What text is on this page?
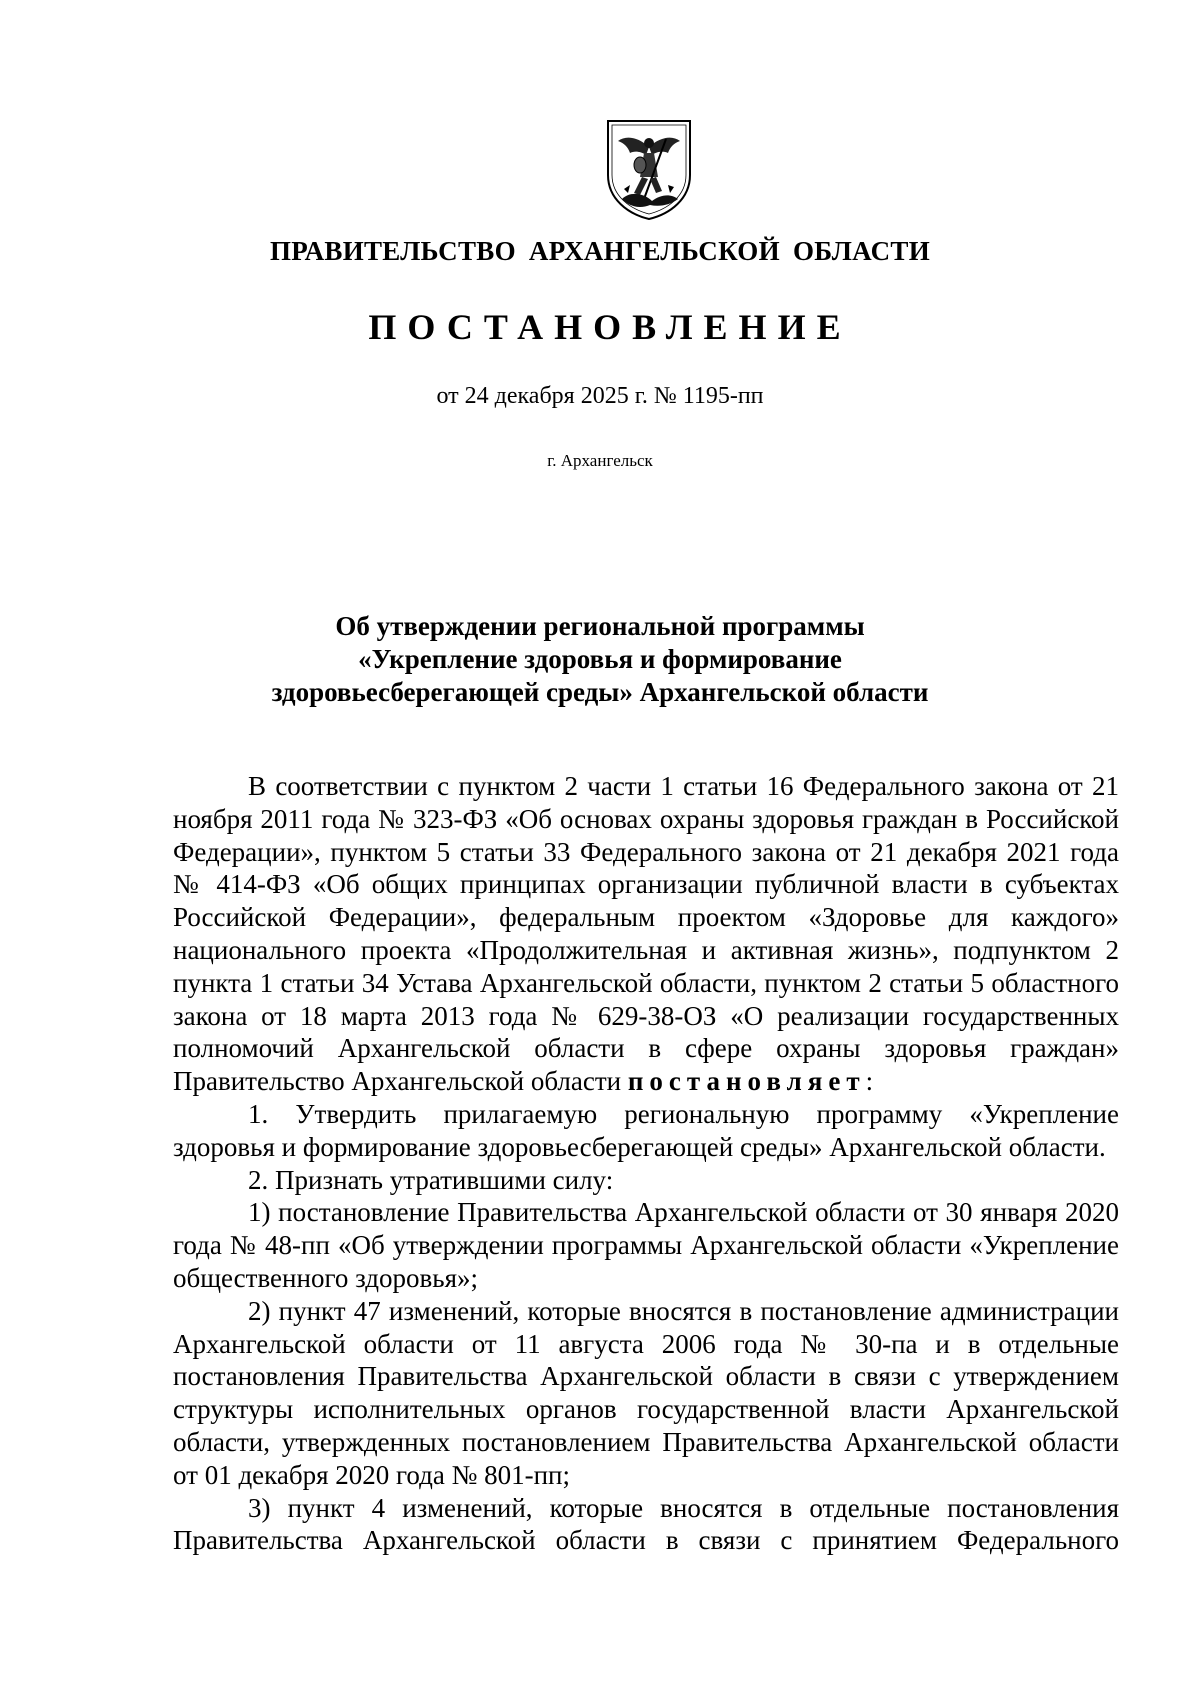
ПРАВИТЕЛЬСТВО АРХАНГЕЛЬСКОЙ ОБЛАСТИ
ПОСТАНОВЛЕНИЕ
от 24 декабря 2025 г. № 1195-пп
г. Архангельск
Об утверждении региональной программы
«Укрепление здоровья и формирование
здоровьесберегающей среды» Архангельской области

В соответствии с пунктом 2 части 1 статьи 16 Федерального закона от 21 ноября 2011 года № 323-ФЗ «Об основах охраны здоровья граждан в Российской Федерации», пунктом 5 статьи 33 Федерального закона от 21 декабря 2021 года № 414-ФЗ «Об общих принципах организации публичной власти в субъектах Российской Федерации», федеральным проектом «Здоровье для каждого» национального проекта «Продолжительная и активная жизнь», подпунктом 2 пункта 1 статьи 34 Устава Архангельской области, пунктом 2 статьи 5 областного закона от 18 марта 2013 года № 629-38-ОЗ «О реализации государственных полномочий Архангельской области в сфере охраны здоровья граждан» Правительство Архангельской области постановляет:

1. Утвердить прилагаемую региональную программу «Укрепление здоровья и формирование здоровьесберегающей среды» Архангельской области.

2. Признать утратившими силу:

1) постановление Правительства Архангельской области от 30 января 2020 года № 48-пп «Об утверждении программы Архангельской области «Укрепление общественного здоровья»;

2) пункт 47 изменений, которые вносятся в постановление администрации Архангельской области от 11 августа 2006 года № 30-па и в отдельные постановления Правительства Архангельской области в связи с утверждением структуры исполнительных органов государственной власти Архангельской области, утвержденных постановлением Правительства Архангельской области от 01 декабря 2020 года № 801-пп;

3) пункт 4 изменений, которые вносятся в отдельные постановления Правительства Архангельской области в связи с принятием Федерального
